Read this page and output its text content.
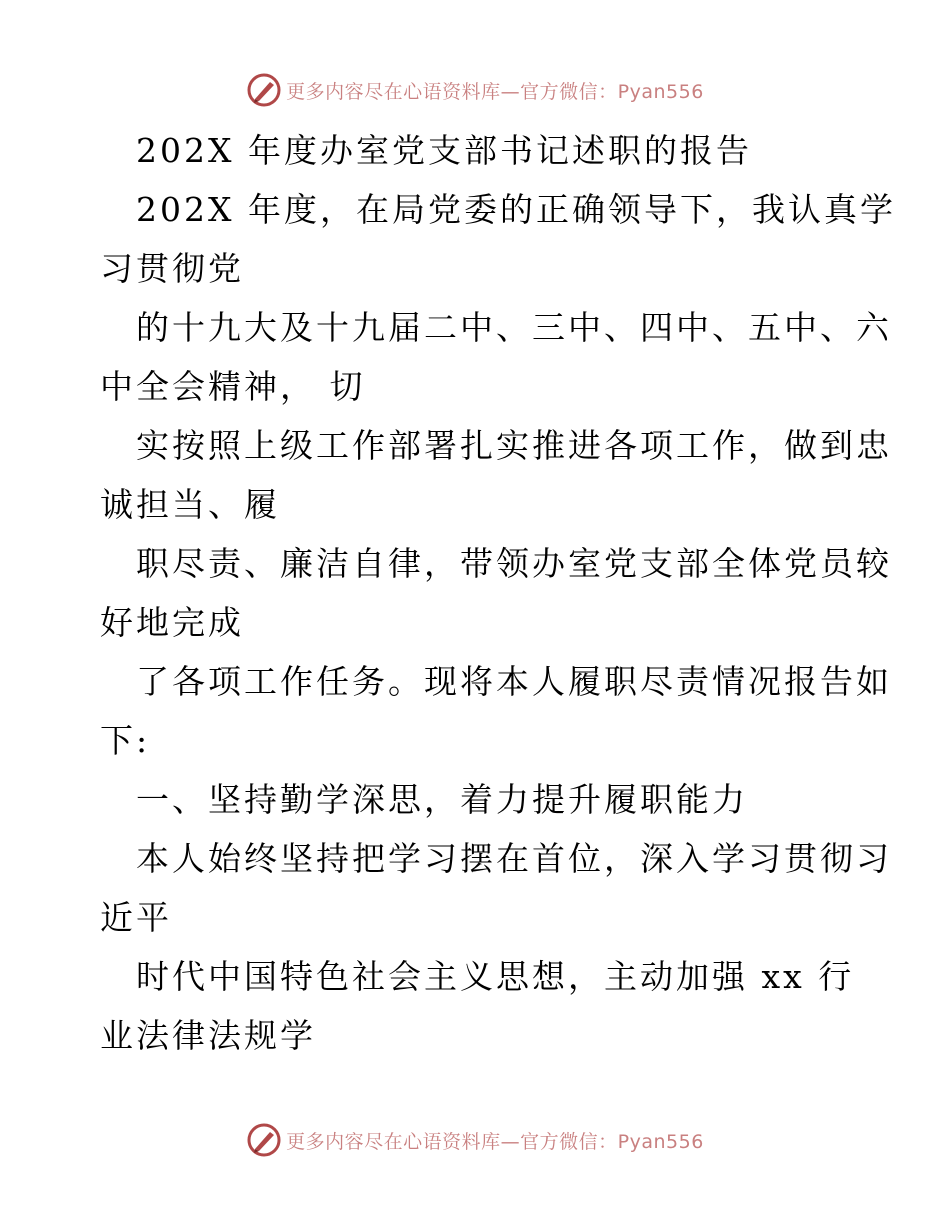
更多内容尽在心语资料库—官方微信：Pyan556
202X 年度办室党支部书记述职的报告
202X 年度，在局党委的正确领导下，我认真学
习贯彻党
的十九大及十九届二中、三中、四中、五中、六
中全会精神， 切
实按照上级工作部署扎实推进各项工作，做到忠
诚担当、履
职尽责、廉洁自律，带领办室党支部全体党员较
好地完成
了各项工作任务。现将本人履职尽责情况报告如
下:
一、坚持勤学深思，着力提升履职能力
本人始终坚持把学习摆在首位，深入学习贯彻习
近平
时代中国特色社会主义思想，主动加强 xx 行
业法律法规学
更多内容尽在心语资料库—官方微信：Pyan556
